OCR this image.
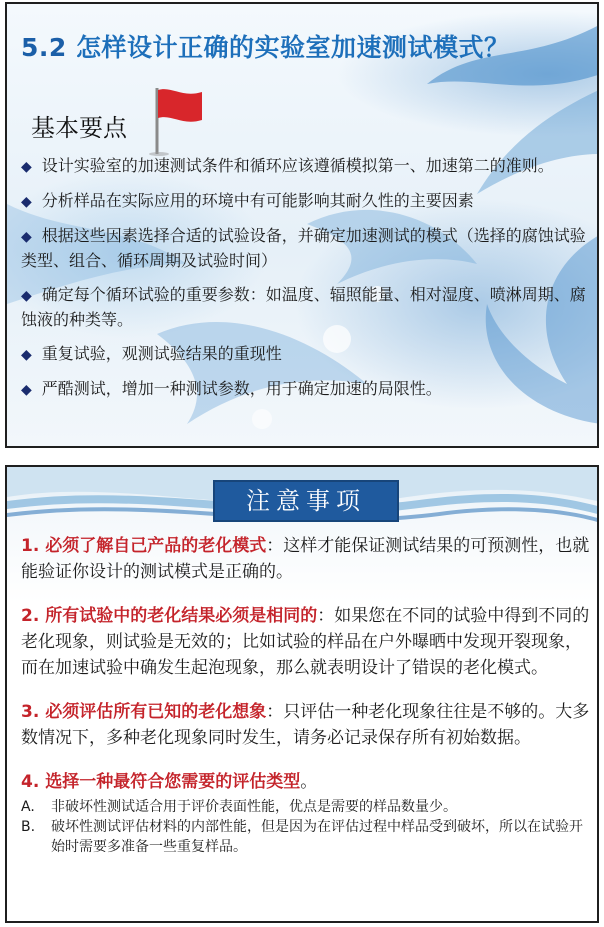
5.2 怎样设计正确的实验室加速测试模式？
基本要点
◆ 设计实验室的加速测试条件和循环应该遵循模拟第一、加速第二的准则。
◆ 分析样品在实际应用的环境中有可能影响其耐久性的主要因素
◆ 根据这些因素选择合适的试验设备，并确定加速测试的模式（选择的腐蚀试验类型、组合、循环周期及试验时间）
◆ 确定每个循环试验的重要参数：如温度、辐照能量、相对湿度、喷淋周期、腐蚀液的种类等。
◆ 重复试验，观测试验结果的重现性
◆ 严酷测试，增加一种测试参数，用于确定加速的局限性。
注意事项
1. 必须了解自己产品的老化模式：这样才能保证测试结果的可预测性，也就能验证你设计的测试模式是正确的。
2. 所有试验中的老化结果必须是相同的：如果您在不同的试验中得到不同的老化现象，则试验是无效的；比如试验的样品在户外曝晒中发现开裂现象，而在加速试验中确发生起泡现象，那么就表明设计了错误的老化模式。
3. 必须评估所有已知的老化想象：只评估一种老化现象往往是不够的。大多数情况下，多种老化现象同时发生，请务必记录保存所有初始数据。
4. 选择一种最符合您需要的评估类型。
A.	非破坏性测试适合用于评价表面性能，优点是需要的样品数量少。
B.	破坏性测试评估材料的内部性能，但是因为在评估过程中样品受到破坏，所以在试验开始时需要多准备一些重复样品。
